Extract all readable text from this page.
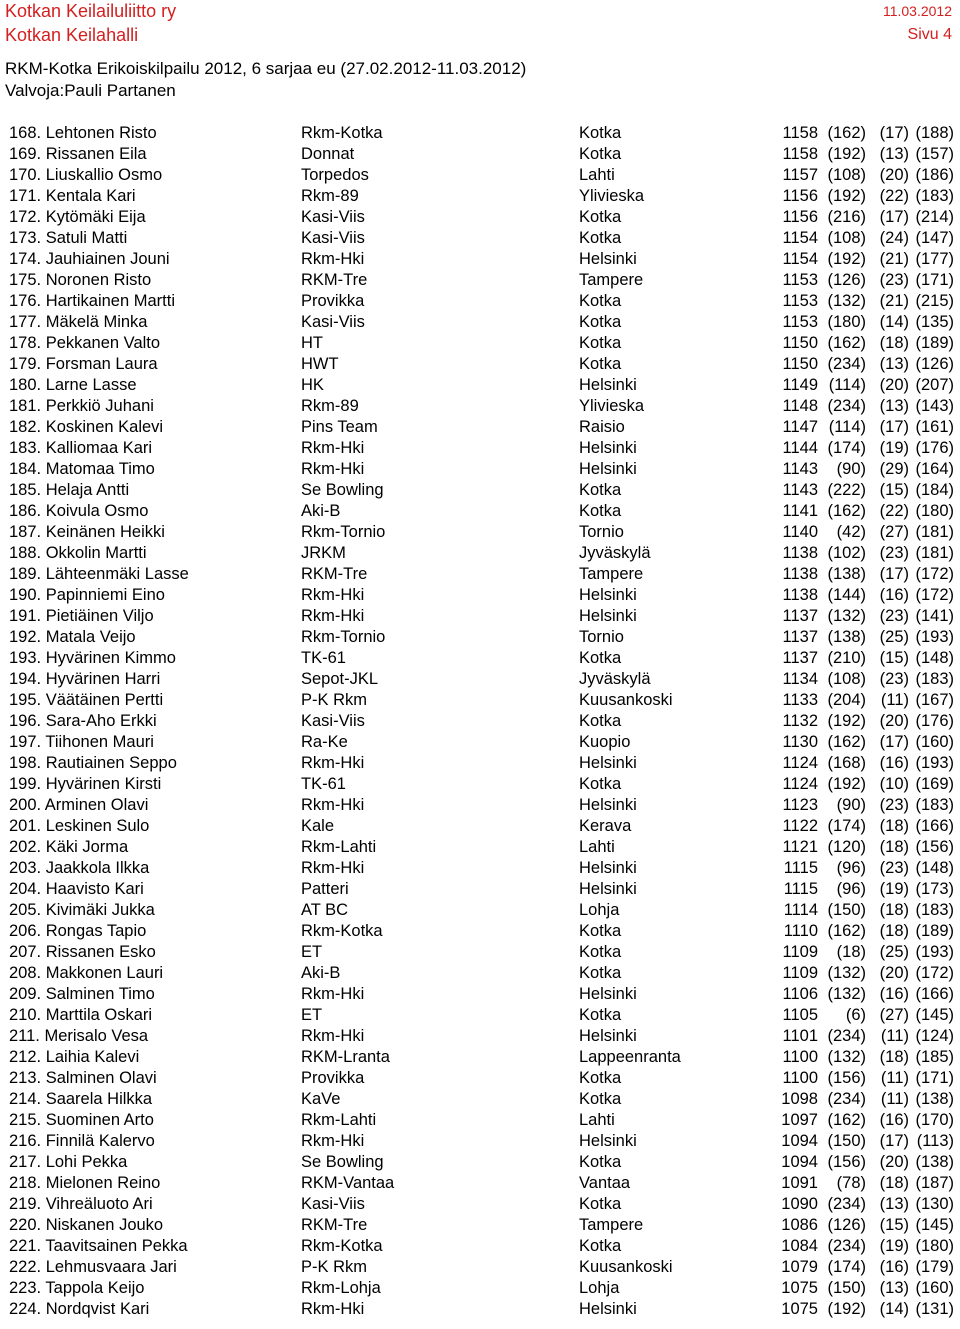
Kotkan Keilailuliitto ry	11.03.2012
Kotkan Keilahalli	Sivu 4
RKM-Kotka Erikoiskilpailu 2012, 6 sarjaa eu (27.02.2012-11.03.2012)
Valvoja:Pauli Partanen
168. Lehtonen Risto	Rkm-Kotka	Kotka	1158 (162) (17) (188)
169. Rissanen Eila	Donnat	Kotka	1158 (192) (13) (157)
170. Liuskallio Osmo	Torpedos	Lahti	1157 (108) (20) (186)
171. Kentala Kari	Rkm-89	Ylivieska	1156 (192) (22) (183)
172. Kytömäki Eija	Kasi-Viis	Kotka	1156 (216) (17) (214)
173. Satuli Matti	Kasi-Viis	Kotka	1154 (108) (24) (147)
174. Jauhiainen Jouni	Rkm-Hki	Helsinki	1154 (192) (21) (177)
175. Noronen Risto	RKM-Tre	Tampere	1153 (126) (23) (171)
176. Hartikainen Martti	Provikka	Kotka	1153 (132) (21) (215)
177. Mäkelä Minka	Kasi-Viis	Kotka	1153 (180) (14) (135)
178. Pekkanen Valto	HT	Kotka	1150 (162) (18) (189)
179. Forsman Laura	HWT	Kotka	1150 (234) (13) (126)
180. Larne Lasse	HK	Helsinki	1149 (114) (20) (207)
181. Perkkiö Juhani	Rkm-89	Ylivieska	1148 (234) (13) (143)
182. Koskinen Kalevi	Pins Team	Raisio	1147 (114) (17) (161)
183. Kalliomaa Kari	Rkm-Hki	Helsinki	1144 (174) (19) (176)
184. Matomaa Timo	Rkm-Hki	Helsinki	1143 (90) (29) (164)
185. Helaja Antti	Se Bowling	Kotka	1143 (222) (15) (184)
186. Koivula Osmo	Aki-B	Kotka	1141 (162) (22) (180)
187. Keinänen Heikki	Rkm-Tornio	Tornio	1140 (42) (27) (181)
188. Okkolin Martti	JRKM	Jyväskylä	1138 (102) (23) (181)
189. Lähteenmäki Lasse	RKM-Tre	Tampere	1138 (138) (17) (172)
190. Papinniemi Eino	Rkm-Hki	Helsinki	1138 (144) (16) (172)
191. Pietiäinen Viljo	Rkm-Hki	Helsinki	1137 (132) (23) (141)
192. Matala Veijo	Rkm-Tornio	Tornio	1137 (138) (25) (193)
193. Hyvärinen Kimmo	TK-61	Kotka	1137 (210) (15) (148)
194. Hyvärinen Harri	Sepot-JKL	Jyväskylä	1134 (108) (23) (183)
195. Väätäinen Pertti	P-K Rkm	Kuusankoski	1133 (204) (11) (167)
196. Sara-Aho Erkki	Kasi-Viis	Kotka	1132 (192) (20) (176)
197. Tiihonen Mauri	Ra-Ke	Kuopio	1130 (162) (17) (160)
198. Rautiainen Seppo	Rkm-Hki	Helsinki	1124 (168) (16) (193)
199. Hyvärinen Kirsti	TK-61	Kotka	1124 (192) (10) (169)
200. Arminen Olavi	Rkm-Hki	Helsinki	1123 (90) (23) (183)
201. Leskinen Sulo	Kale	Kerava	1122 (174) (18) (166)
202. Käki Jorma	Rkm-Lahti	Lahti	1121 (120) (18) (156)
203. Jaakkola Ilkka	Rkm-Hki	Helsinki	1115 (96) (23) (148)
204. Haavisto Kari	Patteri	Helsinki	1115 (96) (19) (173)
205. Kivimäki Jukka	AT BC	Lohja	1114 (150) (18) (183)
206. Rongas Tapio	Rkm-Kotka	Kotka	1110 (162) (18) (189)
207. Rissanen Esko	ET	Kotka	1109 (18) (25) (193)
208. Makkonen Lauri	Aki-B	Kotka	1109 (132) (20) (172)
209. Salminen Timo	Rkm-Hki	Helsinki	1106 (132) (16) (166)
210. Marttila Oskari	ET	Kotka	1105 (6) (27) (145)
211. Merisalo Vesa	Rkm-Hki	Helsinki	1101 (234) (11) (124)
212. Laihia Kalevi	RKM-Lranta	Lappeenranta	1100 (132) (18) (185)
213. Salminen Olavi	Provikka	Kotka	1100 (156) (11) (171)
214. Saarela Hilkka	KaVe	Kotka	1098 (234) (11) (138)
215. Suominen Arto	Rkm-Lahti	Lahti	1097 (162) (16) (170)
216. Finnilä Kalervo	Rkm-Hki	Helsinki	1094 (150) (17) (113)
217. Lohi Pekka	Se Bowling	Kotka	1094 (156) (20) (138)
218. Mielonen Reino	RKM-Vantaa	Vantaa	1091 (78) (18) (187)
219. Vihreäluoto Ari	Kasi-Viis	Kotka	1090 (234) (13) (130)
220. Niskanen Jouko	RKM-Tre	Tampere	1086 (126) (15) (145)
221. Taavitsainen Pekka	Rkm-Kotka	Kotka	1084 (234) (19) (180)
222. Lehmusvaara Jari	P-K Rkm	Kuusankoski	1079 (174) (16) (179)
223. Tappola Keijo	Rkm-Lohja	Lohja	1075 (150) (13) (160)
224. Nordqvist Kari	Rkm-Hki	Helsinki	1075 (192) (14) (131)
